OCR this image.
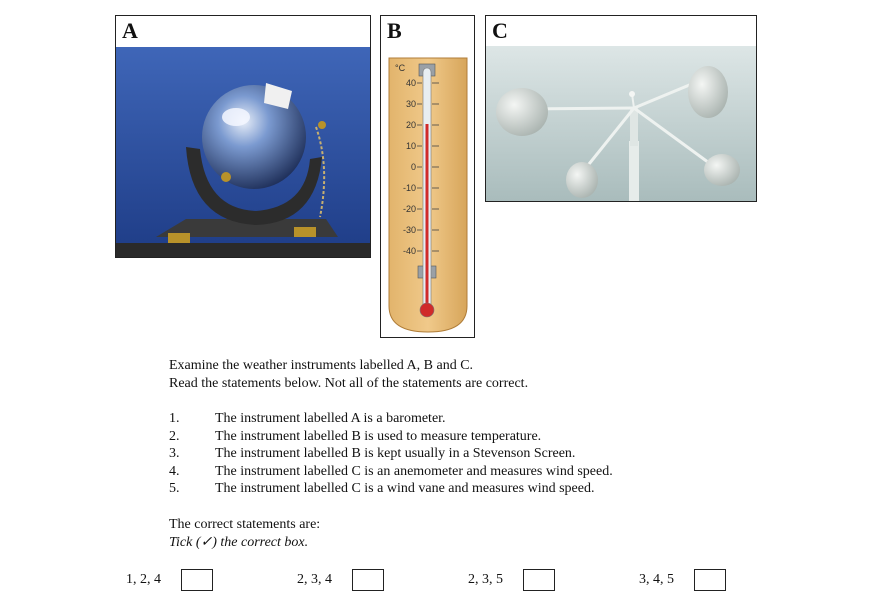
A	B
°C
40
30
20
10
0
-10
-20
-30
-40
C
Examine the weather instruments labelled A, B and C.
Read the statements below. Not all of the statements are correct.
1.	The instrument labelled A is a barometer.
2.	The instrument labelled B is used to measure temperature.
3.	The instrument labelled B is kept usually in a Stevenson Screen.
4.	The instrument labelled C is an anemometer and measures wind speed.
5.	The instrument labelled C is a wind vane and measures wind speed.
The correct statements are:
Tick (✓) the correct box.
1, 2, 4	2, 3, 4	2, 3, 5	3, 4, 5
